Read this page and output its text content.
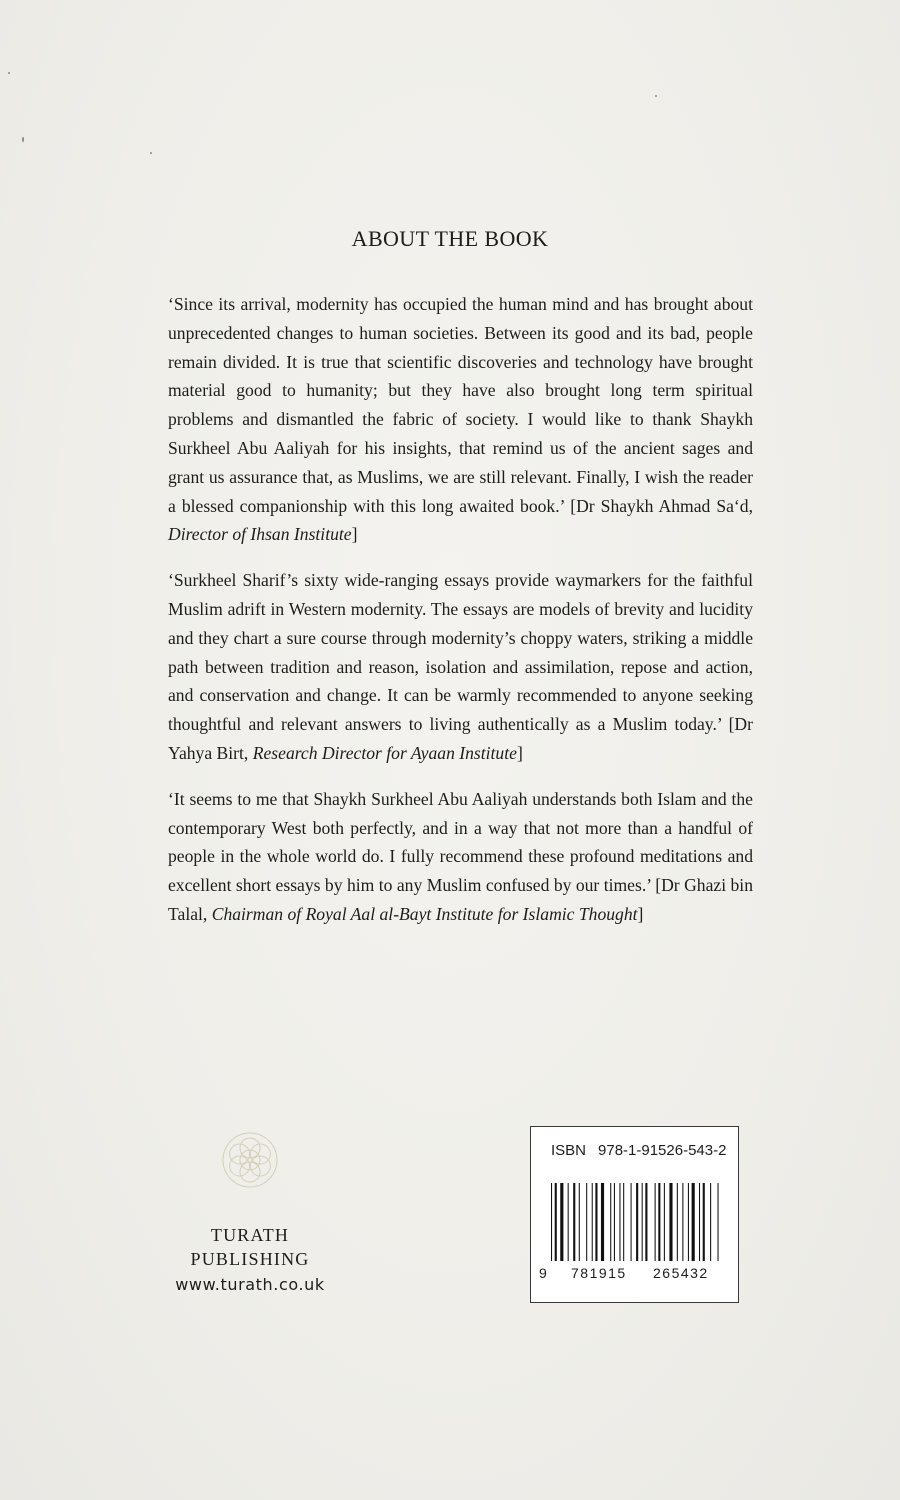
ABOUT THE BOOK

‘Since its arrival, modernity has occupied the human mind and has brought about unprecedented changes to human societies. Between its good and its bad, people remain divided. It is true that scientific discoveries and technology have brought material good to humanity; but they have also brought long term spiritual problems and dismantled the fabric of society. I would like to thank Shaykh Surkheel Abu Aaliyah for his insights, that remind us of the ancient sages and grant us assurance that, as Muslims, we are still relevant. Finally, I wish the reader a blessed companionship with this long awaited book.’ [Dr Shaykh Ahmad Sa‘d, Director of Ihsan Institute]

‘Surkheel Sharif’s sixty wide-ranging essays provide waymarkers for the faithful Muslim adrift in Western modernity. The essays are models of brevity and lucidity and they chart a sure course through modernity’s choppy waters, striking a middle path between tradition and reason, isolation and assimilation, repose and action, and conservation and change. It can be warmly recommended to anyone seeking thoughtful and relevant answers to living authentically as a Muslim today.’ [Dr Yahya Birt, Research Director for Ayaan Institute]

‘It seems to me that Shaykh Surkheel Abu Aaliyah understands both Islam and the contemporary West both perfectly, and in a way that not more than a handful of people in the whole world do. I fully recommend these profound meditations and excellent short essays by him to any Muslim confused by our times.’ [Dr Ghazi bin Talal, Chairman of Royal Aal al-Bayt Institute for Islamic Thought]

TURATH
PUBLISHING
www.turath.co.uk
ISBN 978-1-91526-543-2
9 781915 265432
